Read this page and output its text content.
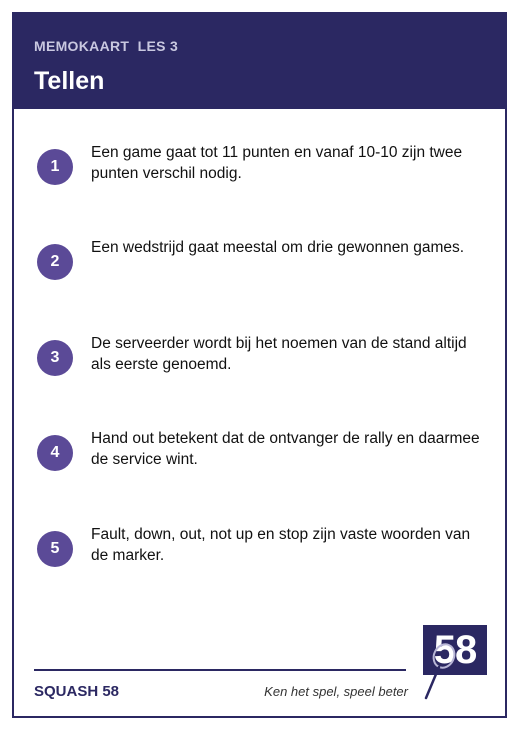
MEMOKAART  LES 3
Tellen
1
Een game gaat tot 11 punten en vanaf 10-10 zijn twee punten verschil nodig.
2
Een wedstrijd gaat meestal om drie gewonnen games.
3
De serveerder wordt bij het noemen van de stand altijd als eerste genoemd.
4
Hand out betekent dat de ontvanger de rally en daarmee de service wint.
5
Fault, down, out, not up en stop zijn vaste woorden van de marker.
SQUASH 58	Ken het spel, speel beter
58
